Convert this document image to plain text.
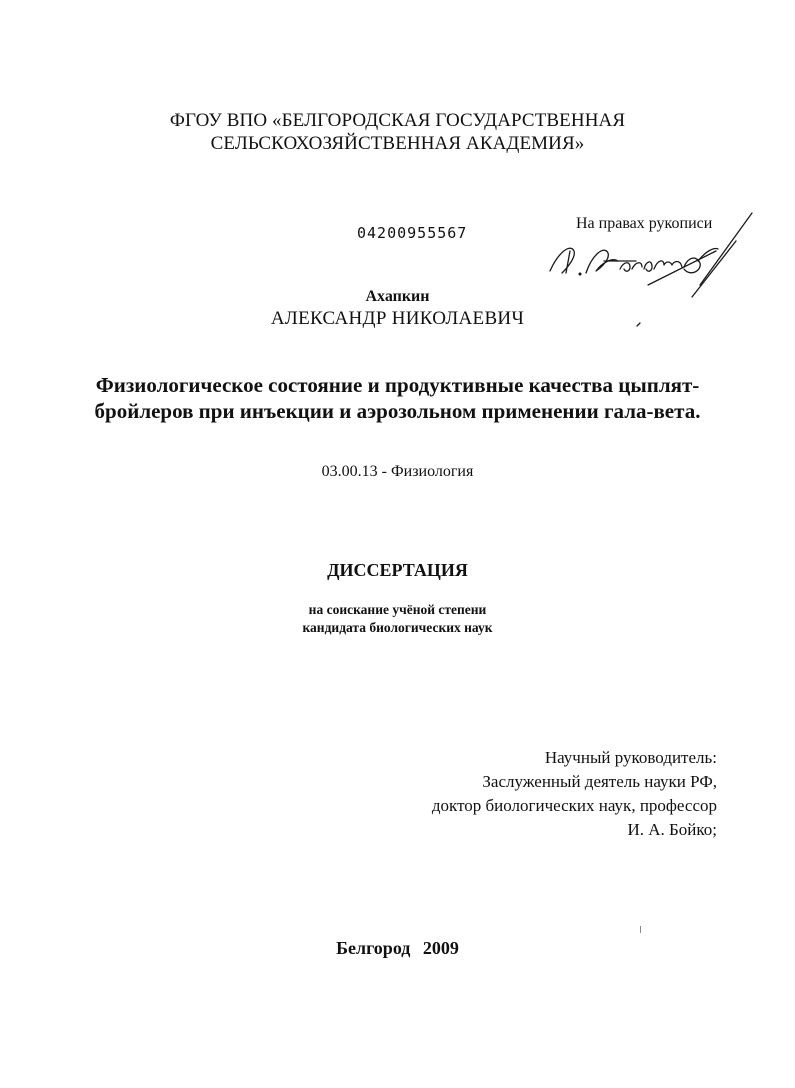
ФГОУ ВПО «БЕЛГОРОДСКАЯ ГОСУДАРСТВЕННАЯ
СЕЛЬСКОХОЗЯЙСТВЕННАЯ АКАДЕМИЯ»
04200955567
На правах рукописи
Ахапкин
АЛЕКСАНДР НИКОЛАЕВИЧ
Физиологическое состояние и продуктивные качества цыплят-
бройлеров при инъекции и аэрозольном применении гала-вета.
03.00.13 - Физиология
ДИССЕРТАЦИЯ
на соискание учёной степени
кандидата биологических наук
Научный руководитель:
Заслуженный деятель науки РФ,
доктор биологических наук, профессор
И. А. Бойко;
Белгород 2009
